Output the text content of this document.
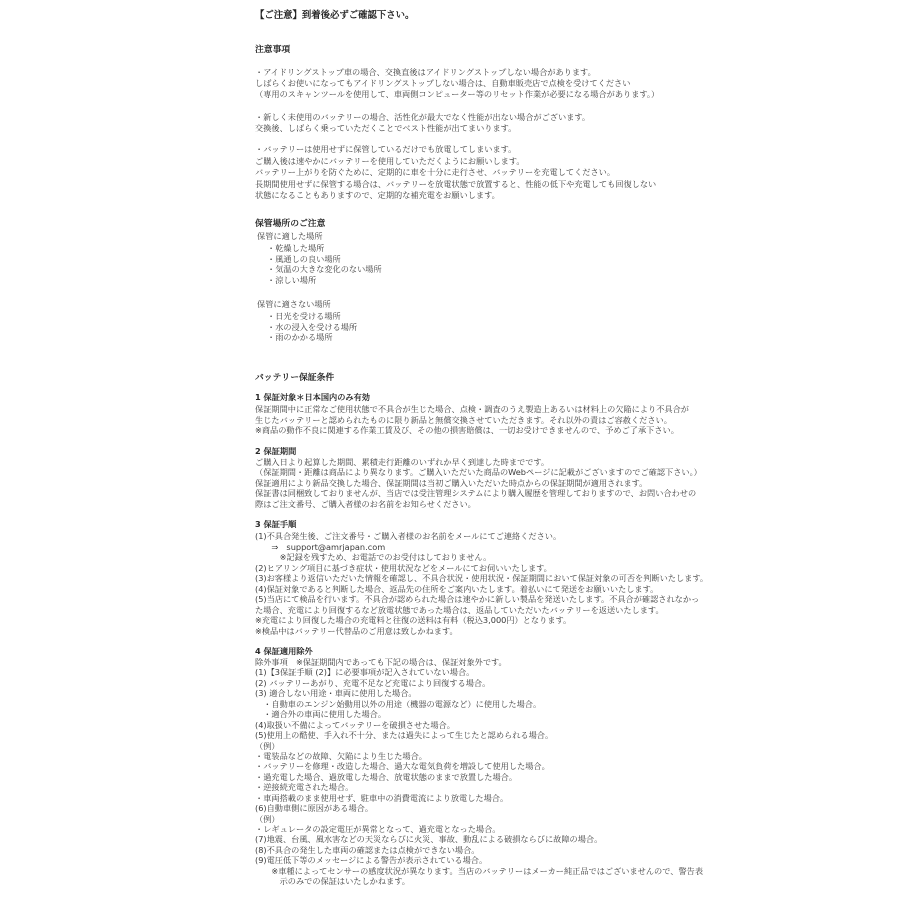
【ご注意】到着後必ずご確認下さい。
注意事項
・アイドリングストップ車の場合、交換直後はアイドリングストップしない場合があります。
しばらくお使いになってもアイドリングストップしない場合は、自動車販売店で点検を受けてください
（専用のスキャンツールを使用して、車両側コンピューター等のリセット作業が必要になる場合があります。）
・新しく未使用のバッテリーの場合、活性化が最大でなく性能が出ない場合がございます。
交換後、しばらく乗っていただくことでベスト性能が出てまいります。
・バッテリーは使用せずに保管しているだけでも放電してしまいます。
ご購入後は速やかにバッテリーを使用していただくようにお願いします。
バッテリー上がりを防ぐために、定期的に車を十分に走行させ、バッテリーを充電してください。
長期間使用せずに保管する場合は、バッテリーを放電状態で放置すると、性能の低下や充電しても回復しない
状態になることもありますので、定期的な補充電をお願いします。
保管場所のご注意
保管に適した場所
・乾燥した場所
・風通しの良い場所
・気温の大きな変化のない場所
・涼しい場所
保管に適さない場所
・日光を受ける場所
・水の浸入を受ける場所
・雨のかかる場所
バッテリー保証条件
1 保証対象＊日本国内のみ有効
保証期間中に正常なご使用状態で不具合が生じた場合、点検・調査のうえ製造上あるいは材料上の欠陥により不具合が
生じたバッテリーと認められたものに限り新品と無償交換させていただきます。それ以外の責はご容赦ください。
※商品の動作不良に関連する作業工賃及び、その他の損害賠償は、一切お受けできませんので、予めご了承下さい。
2 保証期間
ご購入日より起算した期間、累積走行距離のいずれか早く到達した時までです。
（保証期間・距離は商品により異なります。ご購入いただいた商品のWebページに記載がございますのでご確認下さい。）
保証適用により新品交換した場合、保証期間は当初ご購入いただいた時点からの保証期間が適用されます。
保証書は同梱致しておりませんが、当店では受注管理システムにより購入履歴を管理しておりますので、お問い合わせの
際はご注文番号、ご購入者様のお名前をお知らせください。
3 保証手順
(1)不具合発生後、ご注文番号・ご購入者様のお名前をメールにてご連絡ください。
　　⇒　support@amrjapan.com
　　　※記録を残すため、お電話でのお受付はしておりません。
(2)ヒアリング項目に基づき症状・使用状況などをメールにてお伺いいたします。
(3)お客様より返信いただいた情報を確認し、不具合状況・使用状況・保証期間において保証対象の可否を判断いたします。
(4)保証対象であると判断した場合、返品先の住所をご案内いたします。着払いにて発送をお願いいたします。
(5)当店にて検品を行います。不具合が認められた場合は速やかに新しい製品を発送いたします。不具合が確認されなかっ
た場合、充電により回復するなど放電状態であった場合は、返品していただいたバッテリーを返送いたします。
※充電により回復した場合の充電料と往復の送料は有料（税込3,000円）となります。
※検品中はバッテリー代替品のご用意は致しかねます。
4 保証適用除外
除外事項　※保証期間内であっても下記の場合は、保証対象外です。
(1)【3保証手順 (2)】に必要事項が記入されていない場合。
(2) バッテリーあがり、充電不足など充電により回復する場合。
(3) 適合しない用途・車両に使用した場合。
　・自動車のエンジン始動用以外の用途（機器の電源など）に使用した場合。
　・適合外の車両に使用した場合。
(4)取扱い不備によってバッテリーを破損させた場合。
(5)使用上の酷使、手入れ不十分、または過失によって生じたと認められる場合。
（例）
・電装品などの故障、欠陥により生じた場合。
・バッテリーを修理・改造した場合、過大な電気負荷を増設して使用した場合。
・過充電した場合、過放電した場合、放電状態のままで放置した場合。
・逆接続充電された場合。
・車両搭載のまま使用せず、駐車中の消費電流により放電した場合。
(6)自動車側に原因がある場合。
（例）
・レギュレータの設定電圧が異常となって、過充電となった場合。
(7)地震、台風、風水害などの天災ならびに火災、事故、動乱による破損ならびに故障の場合。
(8)不具合の発生した車両の確認または点検ができない場合。
(9)電圧低下等のメッセージによる警告が表示されている場合。
　　※車種によってセンサーの感度状況が異なります。当店のバッテリーはメーカー純正品ではございませんので、警告表
　　　示のみでの保証はいたしかねます。
